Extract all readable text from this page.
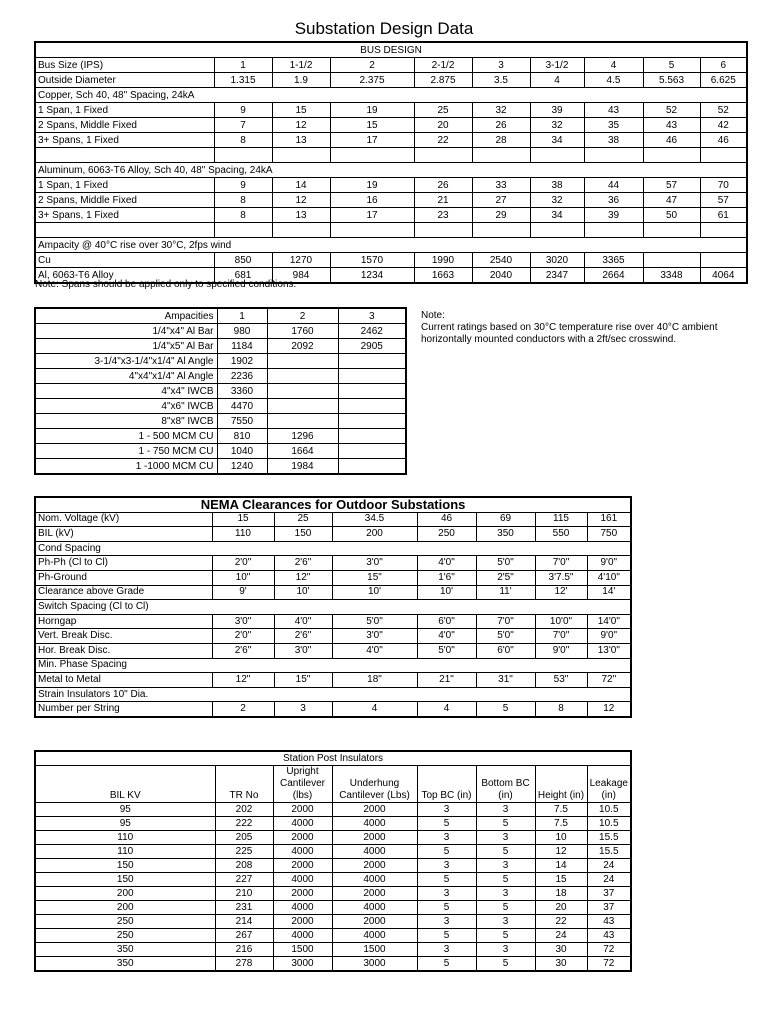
Substation Design Data
BUS DESIGN									
Bus Size (IPS)	1	1-1/2	2	2-1/2	3	3-1/2	4	5	6
Outside Diameter	1.315	1.9	2.375	2.875	3.5	4	4.5	5.563	6.625
Copper, Sch 40, 48" Spacing, 24kA									
1 Span, 1 Fixed	9	15	19	25	32	39	43	52	52
2 Spans, Middle Fixed	7	12	15	20	26	32	35	43	42
3+ Spans, 1 Fixed	8	13	17	22	28	34	38	46	46

Aluminum, 6063-T6 Alloy, Sch 40, 48" Spacing, 24kA									
1 Span, 1 Fixed	9	14	19	26	33	38	44	57	70
2 Spans, Middle Fixed	8	12	16	21	27	32	36	47	57
3+ Spans, 1 Fixed	8	13	17	23	29	34	39	50	61

Ampacity @ 40°C rise over 30°C, 2fps wind									
Cu	850	1270	1570	1990	2540	3020	3365		
Al, 6063-T6 Alloy	681	984	1234	1663	2040	2347	2664	3348	4064
Note: Spans should be applied only to specified conditions.
Ampacities	1	2	3
1/4"x4" Al Bar	980	1760	2462
1/4"x5" Al Bar	1184	2092	2905
3-1/4"x3-1/4"x1/4" Al Angle	1902		
4"x4"x1/4" Al Angle	2236		
4"x4" IWCB	3360		
4"x6" IWCB	4470		
8"x8" IWCB	7550		
1 - 500 MCM CU	810	1296	
1 - 750 MCM CU	1040	1664	
1 -1000 MCM CU	1240	1984	
Note:
Current ratings based on 30°C temperature rise over 40°C ambient horizontally mounted conductors with a 2ft/sec crosswind.
NEMA Clearances for Outdoor Substations							
Nom. Voltage (kV)	15	25	34.5	46	69	115	161
BIL (kV)	110	150	200	250	350	550	750
Cond Spacing							
Ph-Ph (Cl to Cl)	2'0"	2'6"	3'0"	4'0"	5'0"	7'0"	9'0"
Ph-Ground	10"	12"	15"	1'6"	2'5"	3'7.5"	4'10"
Clearance above Grade	9'	10'	10'	10'	11'	12'	14'
Switch Spacing (Cl to Cl)							
Horngap	3'0"	4'0"	5'0"	6'0"	7'0"	10'0"	14'0"
Vert. Break Disc.	2'0"	2'6"	3'0"	4'0"	5'0"	7'0"	9'0"
Hor. Break Disc.	2'6"	3'0"	4'0"	5'0"	6'0"	9'0"	13'0"
Min. Phase Spacing							
Metal to Metal	12"	15"	18"	21"	31"	53"	72"
Strain Insulators 10" Dia.							
Number per String	2	3	4	4	5	8	12
Station Post Insulators							
BIL KV	TR No	Upright Cantilever (lbs)	Underhung Cantilever (Lbs)	Top BC (in)	Bottom BC (in)	Height (in)	Leakage (in)
95	202	2000	2000	3	3	7.5	10.5
95	222	4000	4000	5	5	7.5	10.5
110	205	2000	2000	3	3	10	15.5
110	225	4000	4000	5	5	12	15.5
150	208	2000	2000	3	3	14	24
150	227	4000	4000	5	5	15	24
200	210	2000	2000	3	3	18	37
200	231	4000	4000	5	5	20	37
250	214	2000	2000	3	3	22	43
250	267	4000	4000	5	5	24	43
350	216	1500	1500	3	3	30	72
350	278	3000	3000	5	5	30	72
